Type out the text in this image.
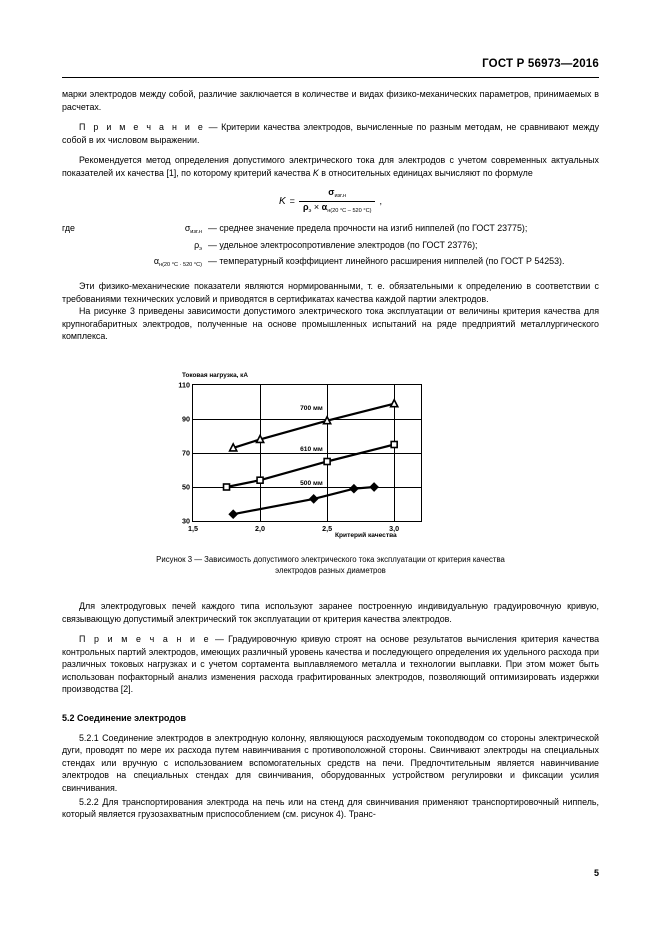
ГОСТ Р 56973—2016

марки электродов между собой, различие заключается в количестве и видах физико-механических параметров, принимаемых в расчетах.

П р и м е ч а н и е — Критерии качества электродов, вычисленные по разным методам, не сравнивают между собой в их числовом выражении.

Рекомендуется метод определения допустимого электрического тока для электродов с учетом современных актуальных показателей их качества [1], по которому критерий качества K в относительных единицах вычисляют по формуле

$K = \frac{\sigma_{изг.н}}{\rho_э \times \alpha_{н(20 ^\circ C - 520 ^\circ C)}}$ ,
где	$\sigma_{изг.н}$ — среднее значение предела прочности на изгиб ниппелей (по ГОСТ 23775);
$\rho_э$ — удельное электросопротивление электродов (по ГОСТ 23776);
$\alpha_{н(20 ^\circ С \cdot 520 ^\circ С)}$ — температурный коэффициент линейного расширения ниппелей (по ГОСТ Р 54253).

Эти физико-механические показатели являются нормированными, т. е. обязательными к определению в соответствии с требованиями технических условий и приводятся в сертификатах качества каждой партии электродов.

На рисунке 3 приведены зависимости допустимого электрического тока эксплуатации от величины критерия качества для крупногабаритных электродов, полученные на основе промышленных испытаний на ряде предприятий металлургического комплекса.

Токовая нагрузка, кА
110
90
70
50
30
1,5	2,0	2,5	3,0
700 мм
610 мм
500 мм
Критерий качества
Рисунок 3 — Зависимость допустимого электрического тока эксплуатации от критерия качества
электродов разных диаметров

Для электродуговых печей каждого типа используют заранее построенную индивидуальную градуировочную кривую, связывающую допустимый электрический ток эксплуатации от критерия качества электродов.

П р и м е ч а н и е — Градуировочную кривую строят на основе результатов вычисления критерия качества контрольных партий электродов, имеющих различный уровень качества и последующего определения их удельного расхода при различных токовых нагрузках и с учетом сортамента выплавляемого металла и технологии выплавки. При этом может быть использован пофакторный анализ изменения расхода графитированных электродов, позволяющий оптимизировать издержки производства [2].

5.2 Соединение электродов

5.2.1 Соединение электродов в электродную колонну, являющуюся расходуемым токоподводом со стороны электрической дуги, проводят по мере их расхода путем навинчивания с противоположной стороны. Свинчивают электроды на специальных стендах или вручную с использованием вспомогательных средств на печи. Предпочтительным является навинчивание электродов на специальных стендах для свинчивания, оборудованных устройством регулировки и фиксации усилия свинчивания.

5.2.2 Для транспортирования электрода на печь или на стенд для свинчивания применяют транспортировочный ниппель, который является грузозахватным приспособлением (см. рисунок 4). Транс-

5
